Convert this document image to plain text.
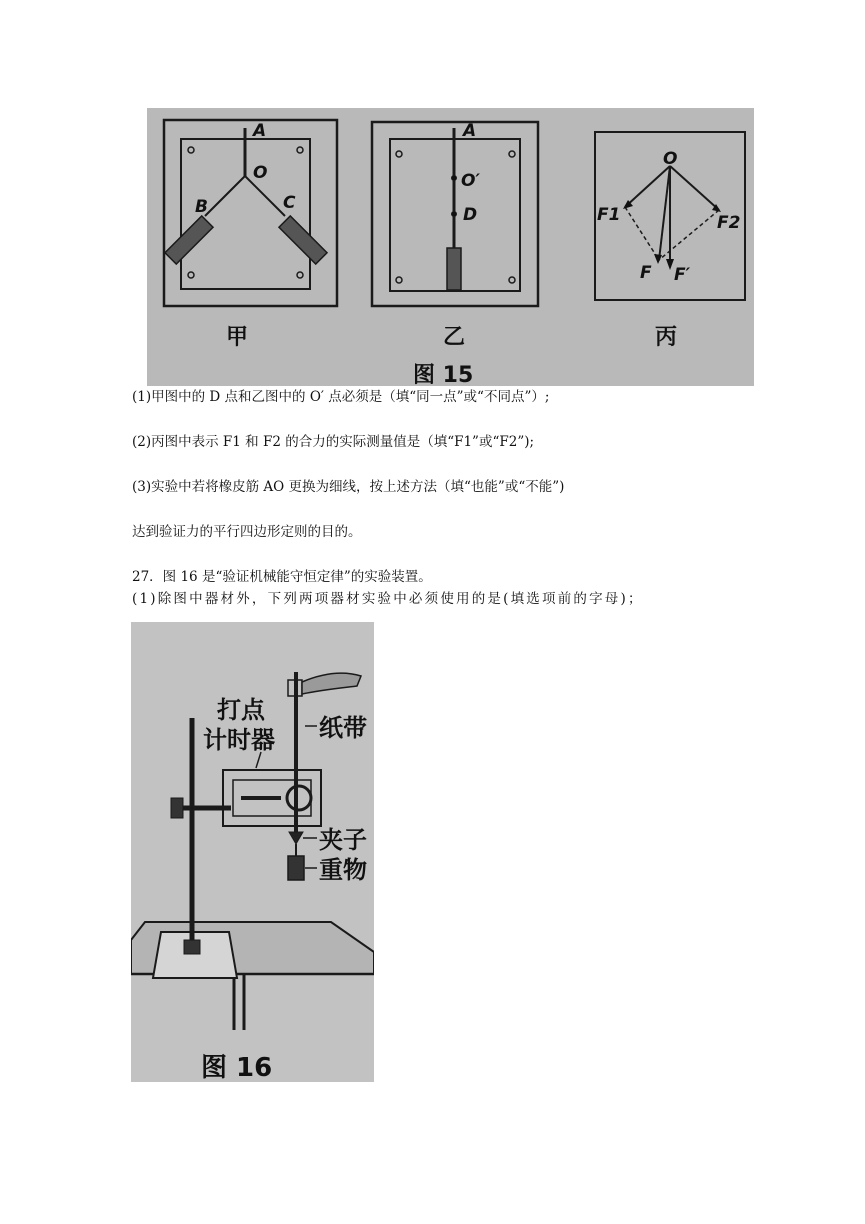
A
O
B	C
甲
A
O′
D
乙
O
F1	F2
F F′
丙
图 15
(1)甲图中的 D 点和乙图中的 O′ 点必须是（填“同一点”或“不同点”）;
(2)丙图中表示 F1 和 F2 的合力的实际测量值是（填“F1”或“F2”);
(3)实验中若将橡皮筋 AO 更换为细线，按上述方法（填“也能”或“不能”)
达到验证力的平行四边形定则的目的。
27．图 16 是“验证机械能守恒定律”的实验装置。
(1)除图中器材外，下列两项器材实验中必须使用的是(填选项前的字母)；
打点
计时器 纸带
夹子
重物
图 16
